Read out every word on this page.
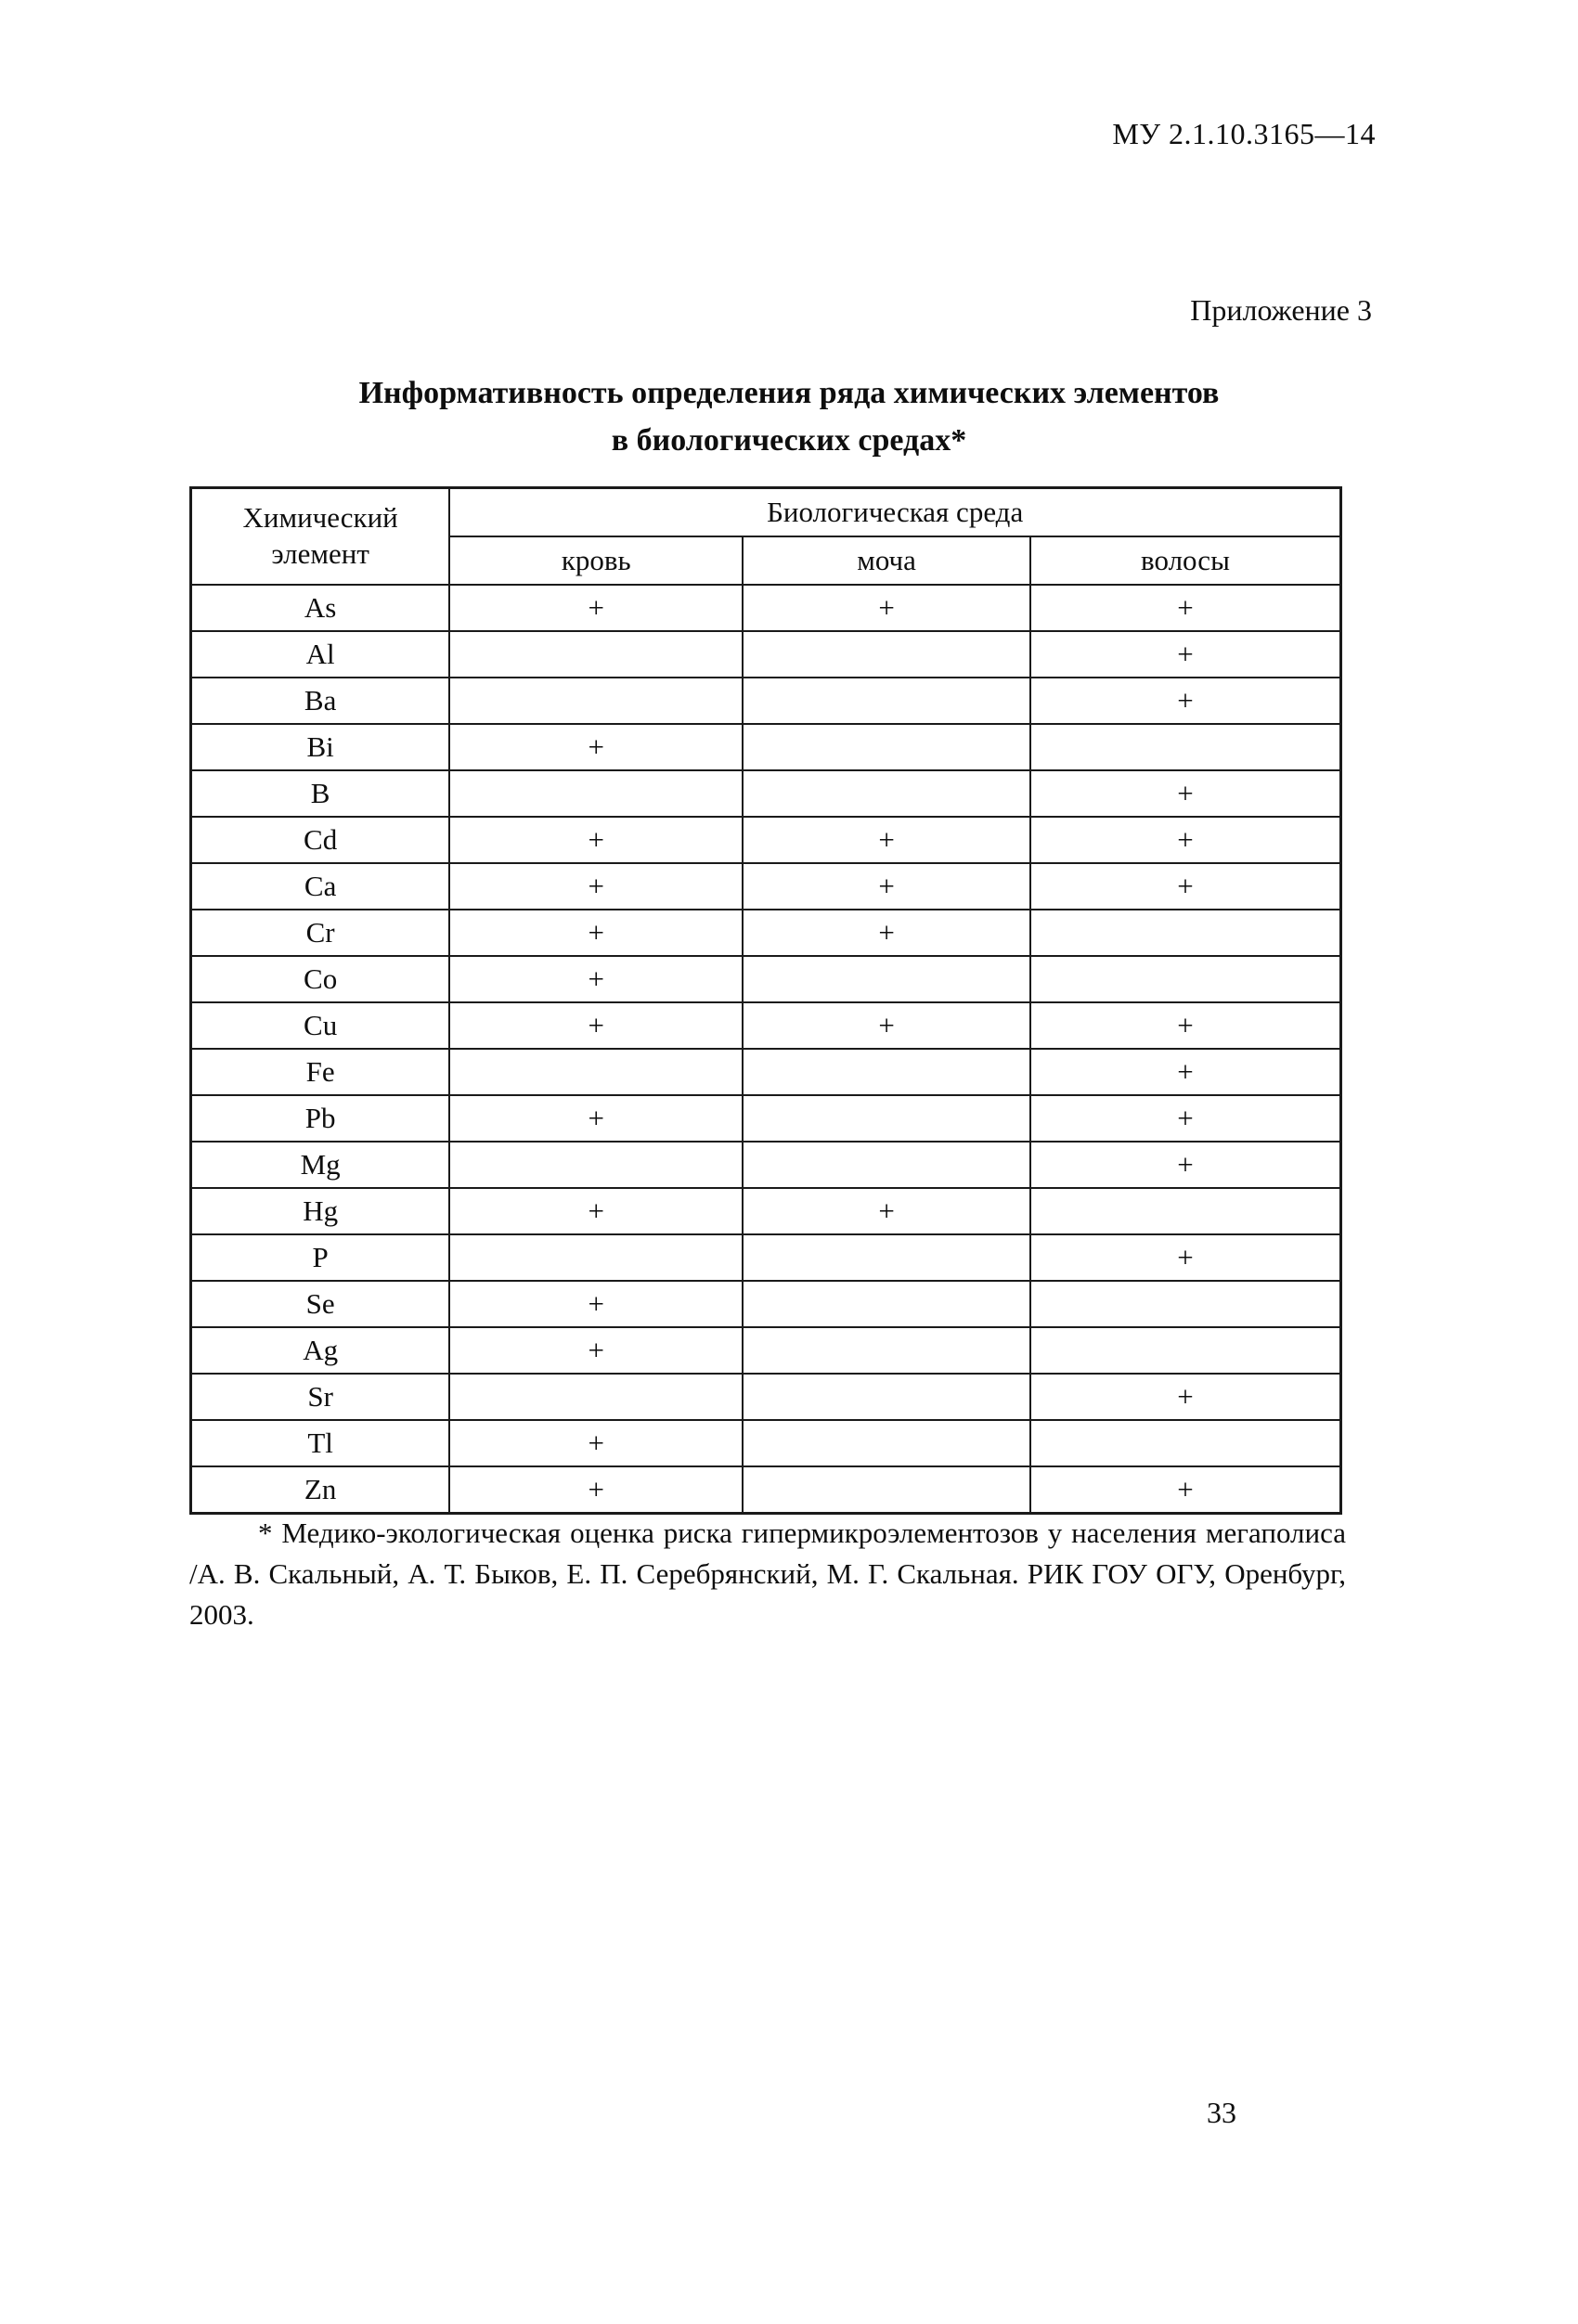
МУ 2.1.10.3165—14
Приложение 3
Информативность определения ряда химических элементов
в биологических средах*
Химический элемент	Биологическая среда		
	кровь	моча	волосы
As	+	+	+
Al			+
Ba			+
Bi	+		
B			+
Cd	+	+	+
Ca	+	+	+
Cr	+	+	
Co	+		
Cu	+	+	+
Fe			+
Pb	+		+
Mg			+
Hg	+	+	
P			+
Se	+		
Ag	+		
Sr			+
Tl	+		
Zn	+		+
* Медико-экологическая оценка риска гипермикроэлементозов у населения мегаполиса /А. В. Скальный, А. Т. Быков, Е. П. Серебрянский, М. Г. Скальная. РИК ГОУ ОГУ, Оренбург, 2003.
33
